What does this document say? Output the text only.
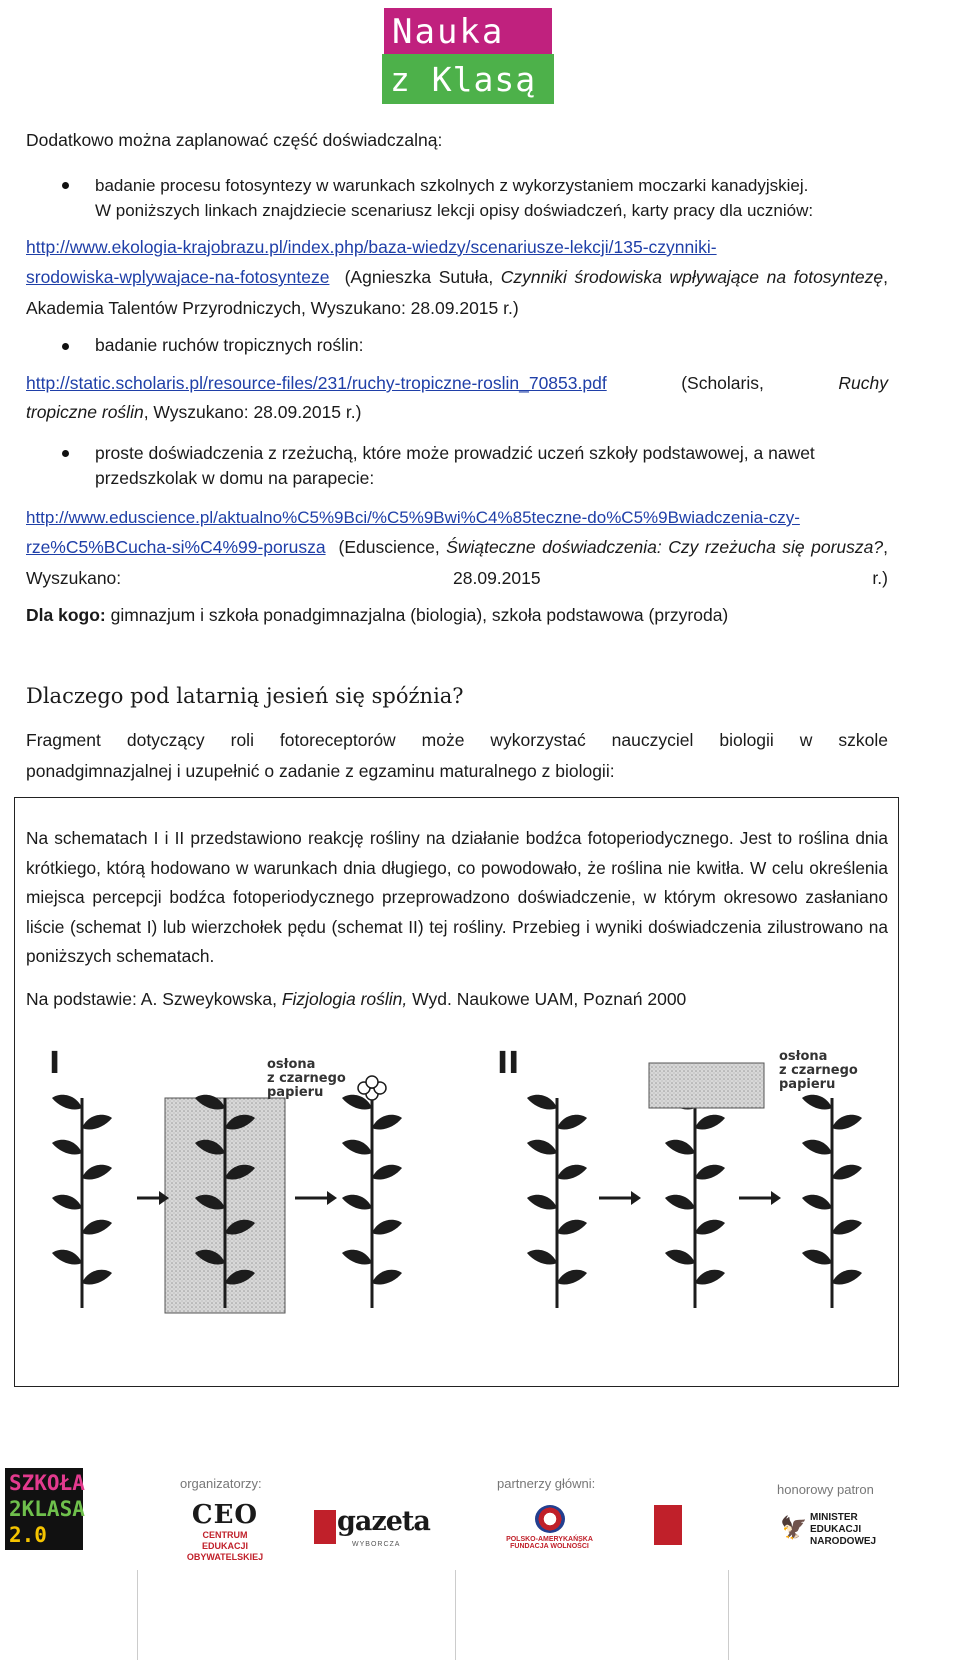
Nauka
z Klasą 2.0
Dodatkowo można zaplanować część doświadczalną:
badanie procesu fotosyntezy w warunkach szkolnych z wykorzystaniem moczarki kanadyjskiej.
W poniższych linkach znajdziecie scenariusz lekcji opisy doświadczeń, karty pracy dla uczniów:
http://www.ekologia-krajobrazu.pl/index.php/baza-wiedzy/scenariusze-lekcji/135-czynniki-
srodowiska-wplywajace-na-fotosynteze (Agnieszka Sutuła, Czynniki środowiska wpływające na fotosyntezę, Akademia Talentów Przyrodniczych, Wyszukano: 28.09.2015 r.)
badanie ruchów tropicznych roślin:
http://static.scholaris.pl/resource-files/231/ruchy-tropiczne-roslin_70853.pdf	(Scholaris,	Ruchy
tropiczne roślin, Wyszukano: 28.09.2015 r.)
proste doświadczenia z rzeżuchą, które może prowadzić uczeń szkoły podstawowej, a nawet
przedszkolak w domu na parapecie:
http://www.eduscience.pl/aktualno%C5%9Bci/%C5%9Bwi%C4%85teczne-do%C5%9Bwiadczenia-czy-
rze%C5%BCucha-si%C4%99-porusza (Eduscience, Świąteczne doświadczenia: Czy rzeżucha się porusza?, Wyszukano: 28.09.2015 r.)
Dla kogo: gimnazjum i szkoła ponadgimnazjalna (biologia), szkoła podstawowa (przyroda)
Dlaczego pod latarnią jesień się spóźnia?
Fragment dotyczący roli fotoreceptorów może wykorzystać nauczyciel biologii w szkole
ponadgimnazjalnej i uzupełnić o zadanie z egzaminu maturalnego z biologii:
Na schematach I i II przedstawiono reakcję rośliny na działanie bodźca fotoperiodycznego. Jest to roślina dnia krótkiego, którą hodowano w warunkach dnia długiego, co powodowało, że roślina nie kwitła. W celu określenia miejsca percepcji bodźca fotoperiodycznego przeprowadzono doświadczenie, w którym okresowo zasłaniano liście (schemat I) lub wierzchołek pędu (schemat II) tej rośliny. Przebieg i wyniki doświadczenia zilustrowano na poniższych schematach.
Na podstawie: A. Szweykowska, Fizjologia roślin, Wyd. Naukowe UAM, Poznań 2000
I	osłona
z czarnego
papieru
II	osłona
z czarnego
papieru
SZKOŁA
2KLASA
2.0
organizatorzy:
CEO
CENTRUM EDUKACJI
OBYWATELSKIEJ
gazeta
WYBORCZA
partnerzy główni:
POLSKO-AMERYKAŃSKA
FUNDACJA WOLNOŚCI
honorowy patron
🦅 MINISTER
EDUKACJI
NARODOWEJ
